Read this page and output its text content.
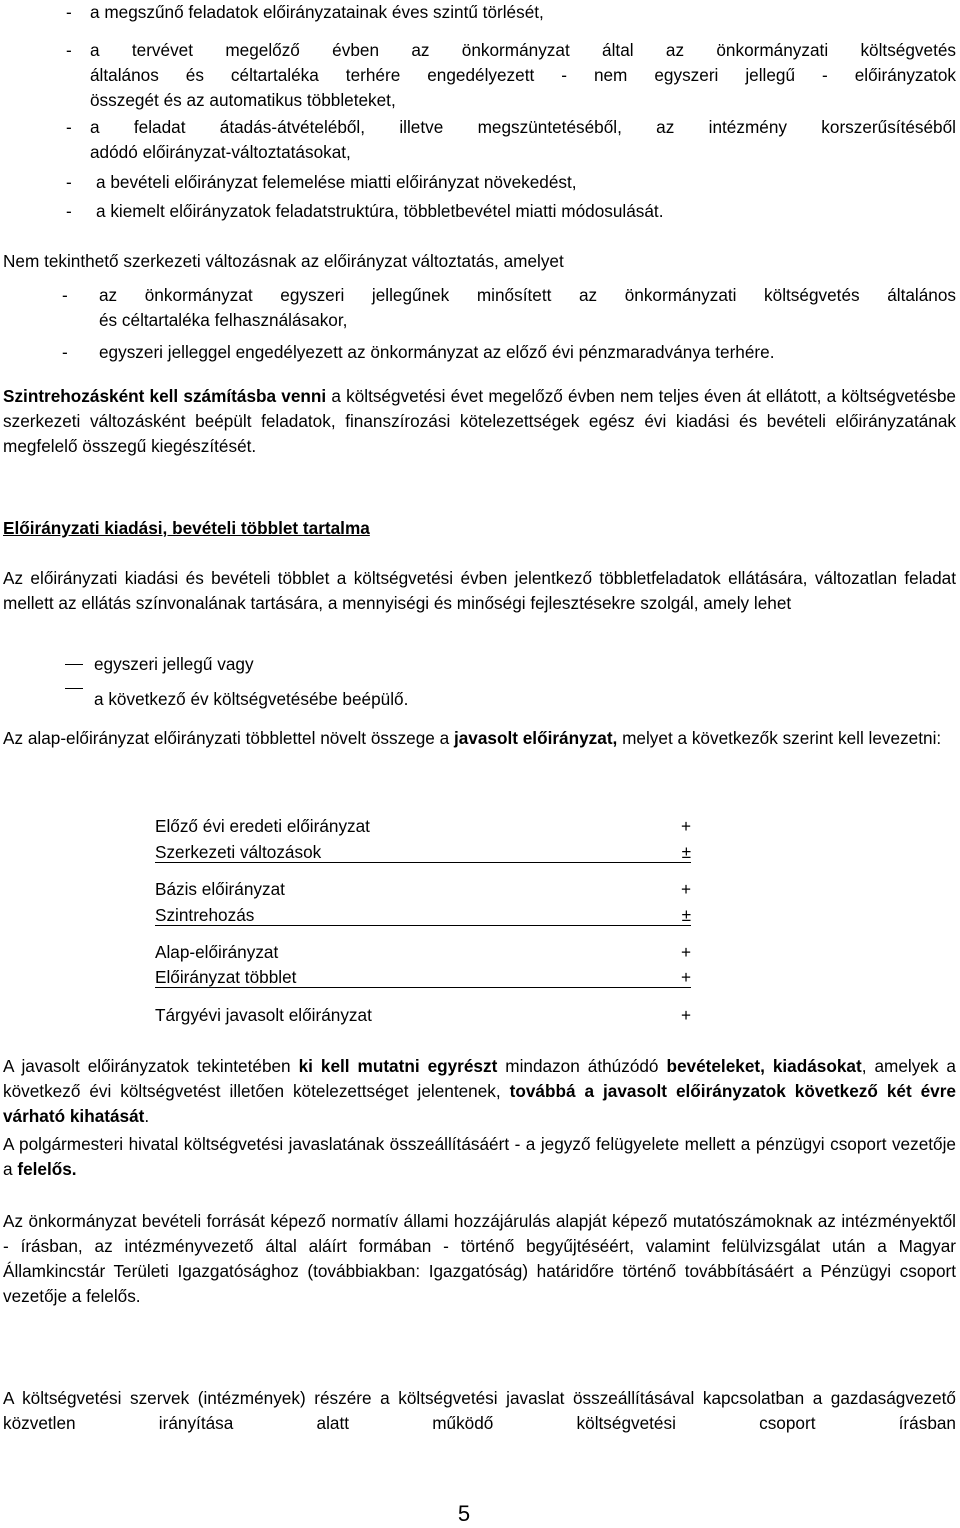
- a megszűnő feladatok előirányzatainak éves szintű törlését,
- a tervévet megelőző évben az önkormányzat által az önkormányzati költségvetés
általános és céltartaléka terhére engedélyezett - nem egyszeri jellegű - előirányzatok
összegét és az automatikus többleteket,
- a feladat átadás-átvételéből, illetve megszüntetéséből, az intézmény korszerűsítéséből
adódó előirányzat-változtatásokat,
- a bevételi előirányzat felemelése miatti előirányzat növekedést,
- a kiemelt előirányzatok feladatstruktúra, többletbevétel miatti módosulását.
Nem tekinthető szerkezeti változásnak az előirányzat változtatás, amelyet
- az önkormányzat egyszeri jellegűnek minősített az önkormányzati költségvetés általános
és céltartaléka felhasználásakor,
- egyszeri jelleggel engedélyezett az önkormányzat az előző évi pénzmaradványa terhére.
Szintrehozásként kell számításba venni a költségvetési évet megelőző évben nem teljes éven át ellátott, a költségvetésbe szerkezeti változásként beépült feladatok, finanszírozási kötelezettségek egész évi kiadási és bevételi előirányzatának megfelelő összegű kiegészítését.
Előirányzati kiadási, bevételi többlet tartalma
Az előirányzati kiadási és bevételi többlet a költségvetési évben jelentkező többletfeladatok ellátására, változatlan feladat mellett az ellátás színvonalának tartására, a mennyiségi és minőségi fejlesztésekre szolgál, amely lehet
egyszeri jellegű vagy
a következő év költségvetésébe beépülő.
Az alap-előirányzat előirányzati többlettel növelt összege a javasolt előirányzat, melyet a következők szerint kell levezetni:
Előző évi eredeti előirányzat	+
Szerkezeti változások	±
Bázis előirányzat	+
Szintrehozás	±
Alap-előirányzat	+
Előirányzat többlet	+
Tárgyévi javasolt előirányzat	+
A javasolt előirányzatok tekintetében ki kell mutatni egyrészt mindazon áthúzódó bevételeket, kiadásokat, amelyek a következő évi költségvetést illetően kötelezettséget jelentenek, továbbá a javasolt előirányzatok következő két évre várható kihatását.
A polgármesteri hivatal költségvetési javaslatának összeállításáért - a jegyző felügyelete mellett a pénzügyi csoport vezetője a felelős.
Az önkormányzat bevételi forrását képező normatív állami hozzájárulás alapját képező mutatószámoknak az intézményektől - írásban, az intézményvezető által aláírt formában - történő begyűjtéséért, valamint felülvizsgálat után a Magyar Államkincstár Területi Igazgatósághoz (továbbiakban: Igazgatóság) határidőre történő továbbításáért a Pénzügyi csoport vezetője a felelős.
A költségvetési szervek (intézmények) részére a költségvetési javaslat összeállításával kapcsolatban a gazdaságvezető közvetlen irányítása alatt működő költségvetési csoport írásban
5
